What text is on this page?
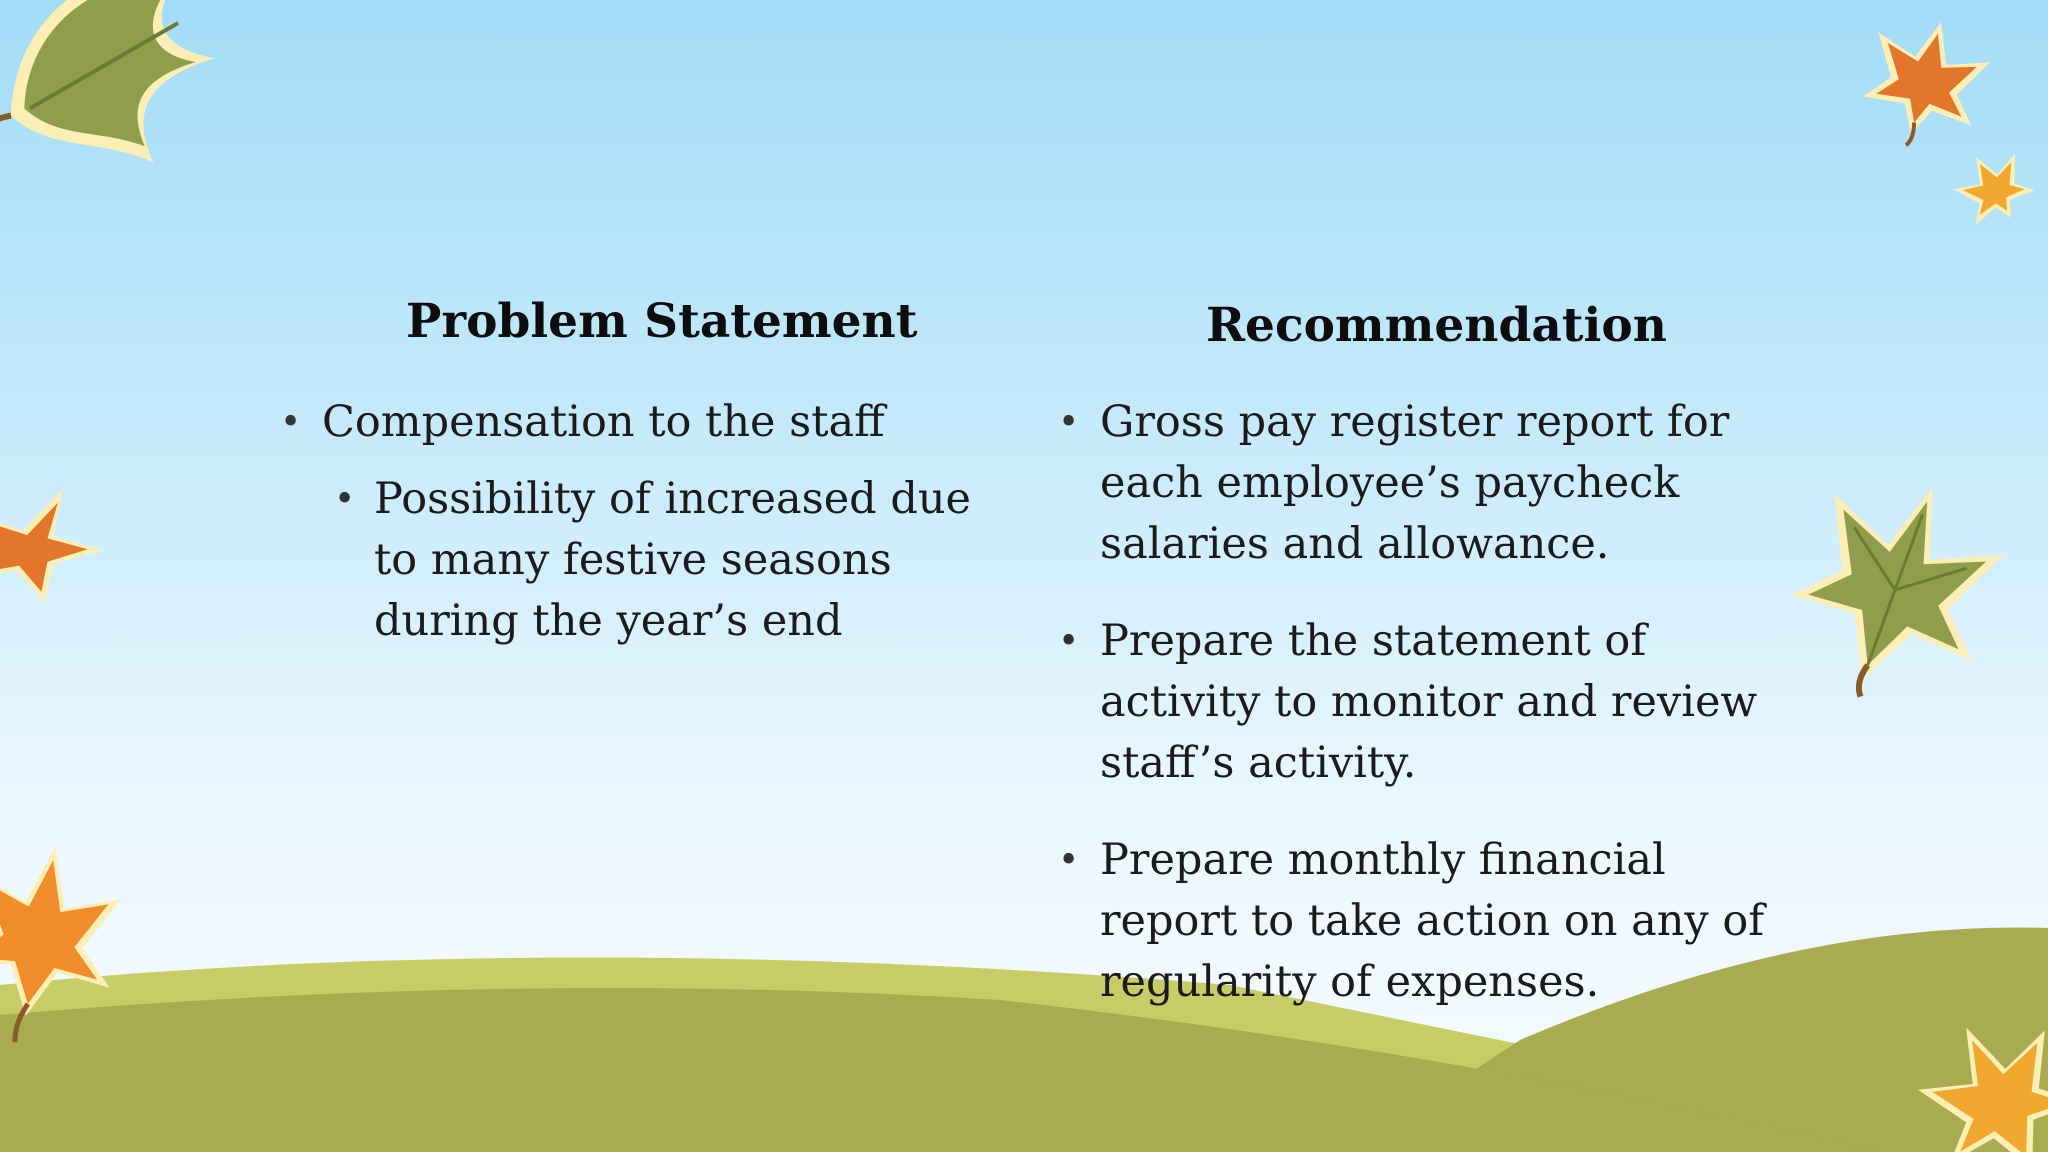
Problem Statement
• Compensation to the staff
• Possibility of increased due to many festive seasons during the year’s end
Recommendation
• Gross pay register report for each employee’s paycheck salaries and allowance.
• Prepare the statement of activity to monitor and review staff’s activity.
• Prepare monthly financial report to take action on any of regularity of expenses.
